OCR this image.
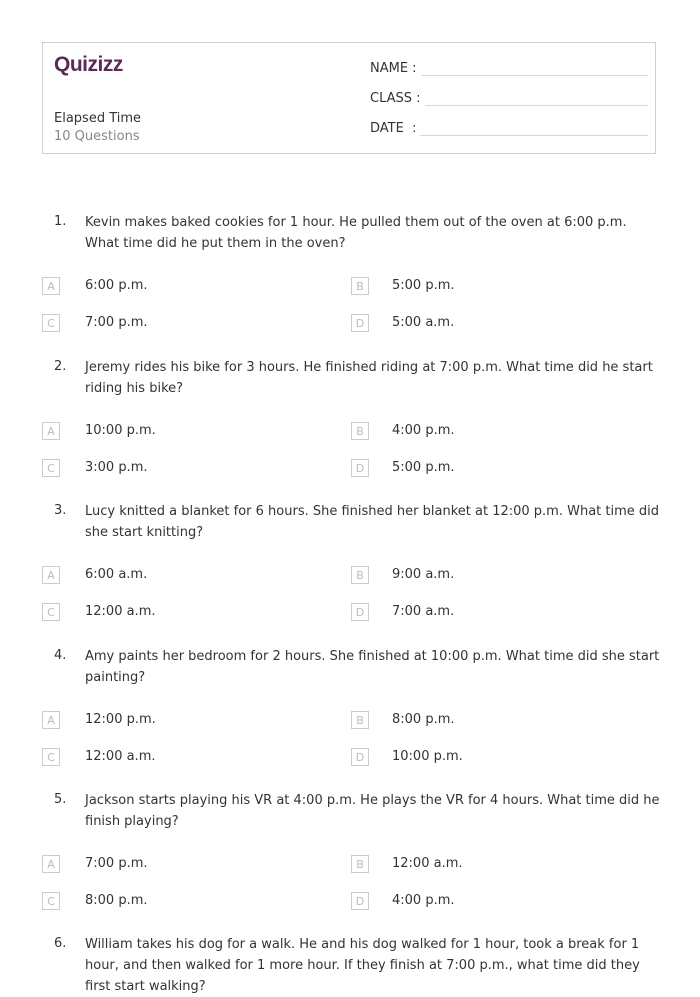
Quizizz
Elapsed Time
10 Questions
NAME :
CLASS :
DATE  :
1. Kevin makes baked cookies for 1 hour. He pulled them out of the oven at 6:00 p.m. What time did he put them in the oven?
A	6:00 p.m.	B	5:00 p.m.
C	7:00 p.m.	D	5:00 a.m.
2. Jeremy rides his bike for 3 hours. He finished riding at 7:00 p.m. What time did he start riding his bike?
A	10:00 p.m.	B	4:00 p.m.
C	3:00 p.m.	D	5:00 p.m.
3. Lucy knitted a blanket for 6 hours. She finished her blanket at 12:00 p.m. What time did she start knitting?
A	6:00 a.m.	B	9:00 a.m.
C	12:00 a.m.	D	7:00 a.m.
4. Amy paints her bedroom for 2 hours. She finished at 10:00 p.m. What time did she start painting?
A	12:00 p.m.	B	8:00 p.m.
C	12:00 a.m.	D	10:00 p.m.
5. Jackson starts playing his VR at 4:00 p.m. He plays the VR for 4 hours. What time did he finish playing?
A	7:00 p.m.	B	12:00 a.m.
C	8:00 p.m.	D	4:00 p.m.
6. William takes his dog for a walk. He and his dog walked for 1 hour, took a break for 1 hour, and then walked for 1 more hour. If they finish at 7:00 p.m., what time did they first start walking?
